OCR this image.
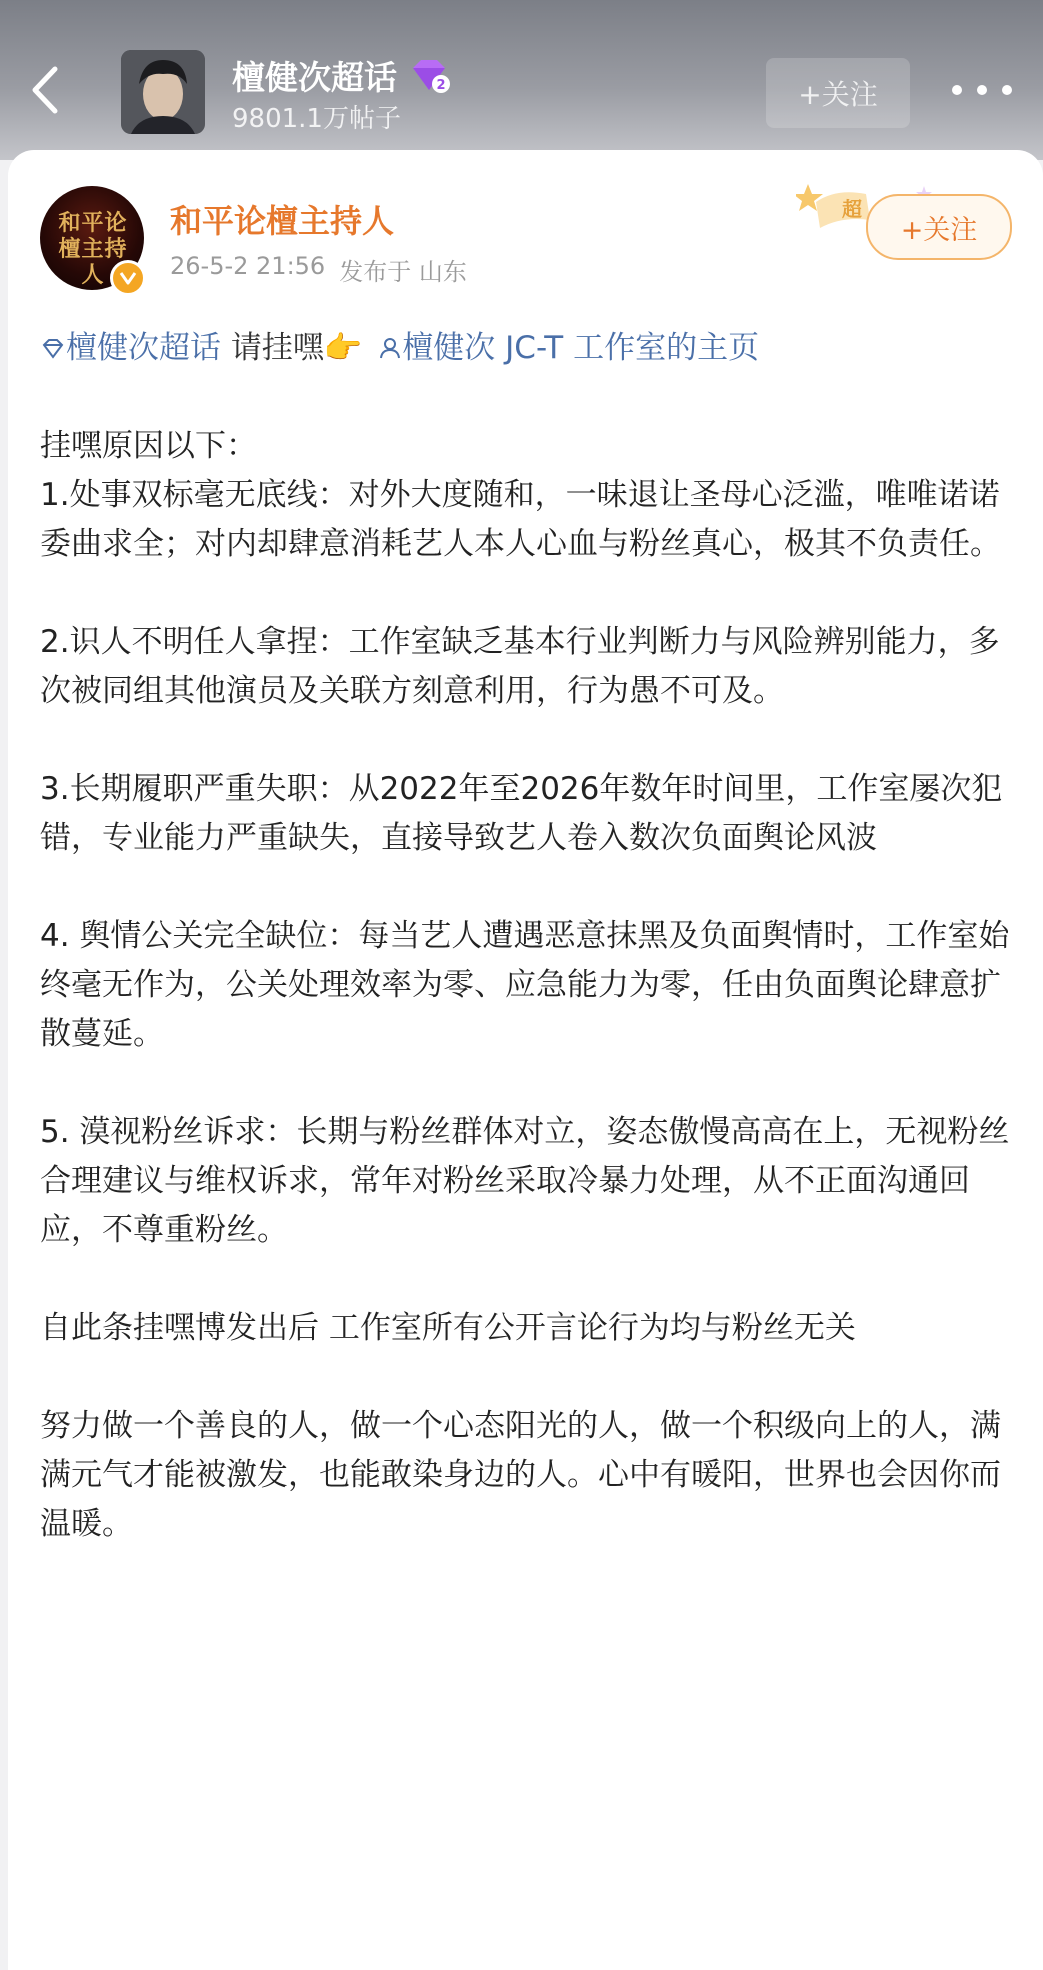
檀健次超话	2
9801.1万帖子
+关注
和平论檀主持人
和平论檀主持人
26-5-2 21:56 发布于 山东
超
+关注
檀健次超话 请挂嘿👉 檀健次 JC-T 工作室的主页

挂嘿原因以下：
1.处事双标毫无底线：对外大度随和，一味退让圣母心泛滥，唯唯诺诺委曲求全；对内却肆意消耗艺人本人心血与粉丝真心，极其不负责任。

2.识人不明任人拿捏：工作室缺乏基本行业判断力与风险辨别能力，多次被同组其他演员及关联方刻意利用，行为愚不可及。

3.长期履职严重失职：从2022年至2026年数年时间里，工作室屡次犯错，专业能力严重缺失，直接导致艺人卷入数次负面舆论风波

4. 舆情公关完全缺位：每当艺人遭遇恶意抹黑及负面舆情时，工作室始终毫无作为，公关处理效率为零、应急能力为零，任由负面舆论肆意扩散蔓延。

5. 漠视粉丝诉求：长期与粉丝群体对立，姿态傲慢高高在上，无视粉丝合理建议与维权诉求，常年对粉丝采取冷暴力处理，从不正面沟通回应，不尊重粉丝。

自此条挂嘿博发出后 工作室所有公开言论行为均与粉丝无关

努力做一个善良的人，做一个心态阳光的人，做一个积级向上的人，满满元气才能被激发，也能敢染身边的人。心中有暖阳，世界也会因你而温暖。
